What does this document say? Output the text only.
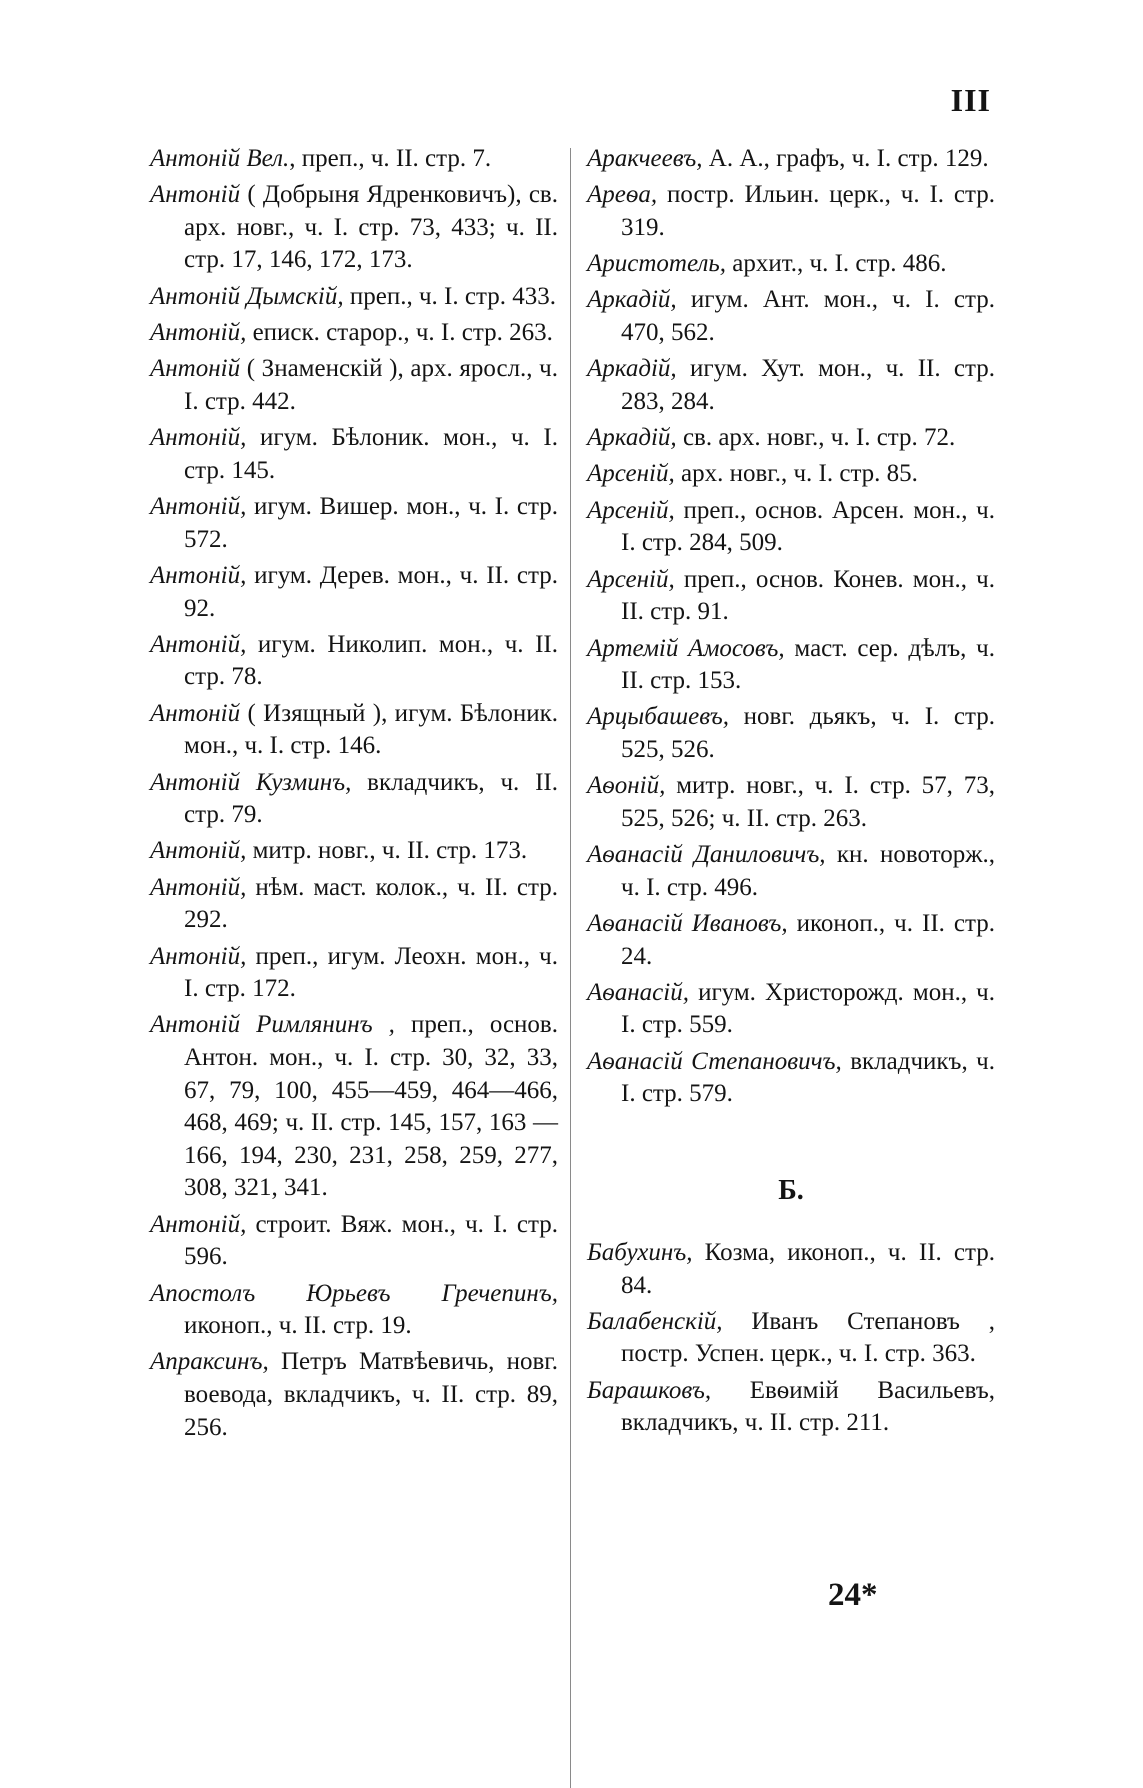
III
Антоній Вел., преп., ч. II. стр. 7.
Антоній ( Добрыня Ядренковичъ), св. арх. новг., ч. I. стр. 73, 433; ч. II. стр. 17, 146, 172, 173.
Антоній Дымскій, преп., ч. I. стр. 433.
Антоній, еписк. старор., ч. I. стр. 263.
Антоній ( Знаменскій ), арх. яросл., ч. I. стр. 442.
Антоній, игум. Бѣлоник. мон., ч. I. стр. 145.
Антоній, игум. Вишер. мон., ч. I. стр. 572.
Антоній, игум. Дерев. мон., ч. II. стр. 92.
Антоній, игум. Николип. мон., ч. II. стр. 78.
Антоній ( Изящный ), игум. Бѣлоник. мон., ч. I. стр. 146.
Антоній Кузминъ, вкладчикъ, ч. II. стр. 79.
Антоній, митр. новг., ч. II. стр. 173.
Антоній, нѣм. маст. колок., ч. II. стр. 292.
Антоній, преп., игум. Леохн. мон., ч. I. стр. 172.
Антоній Римлянинъ , преп., основ. Антон. мон., ч. I. стр. 30, 32, 33, 67, 79, 100, 455—459, 464—466, 468, 469; ч. II. стр. 145, 157, 163 —166, 194, 230, 231, 258, 259, 277, 308, 321, 341.
Антоній, строит. Вяж. мон., ч. I. стр. 596.
Апостолъ Юрьевъ Гречепинъ, иконоп., ч. II. стр. 19.
Апраксинъ, Петръ Матвѣевичь, новг. воевода, вкладчикъ, ч. II. стр. 89, 256.
Аракчеевъ, А. А., графъ, ч. I. стр. 129.
Ареѳа, постр. Ильин. церк., ч. I. стр. 319.
Аристотель, архит., ч. I. стр. 486.
Аркадій, игум. Ант. мон., ч. I. стр. 470, 562.
Аркадій, игум. Хут. мон., ч. II. стр. 283, 284.
Аркадій, св. арх. новг., ч. I. стр. 72.
Арсеній, арх. новг., ч. I. стр. 85.
Арсеній, преп., основ. Арсен. мон., ч. I. стр. 284, 509.
Арсеній, преп., основ. Конев. мон., ч. II. стр. 91.
Артемій Амосовъ, маст. сер. дѣлъ, ч. II. стр. 153.
Арцыбашевъ, новг. дьякъ, ч. I. стр. 525, 526.
Аѳоній, митр. новг., ч. I. стр. 57, 73, 525, 526; ч. II. стр. 263.
Аѳанасій Даниловичъ, кн. новоторж., ч. I. стр. 496.
Аѳанасій Ивановъ, иконоп., ч. II. стр. 24.
Аѳанасій, игум. Христорожд. мон., ч. I. стр. 559.
Аѳанасій Степановичъ, вкладчикъ, ч. I. стр. 579.
Б.
Бабухинъ, Козма, иконоп., ч. II. стр. 84.
Балабенскій, Иванъ Степановъ , постр. Успен. церк., ч. I. стр. 363.
Барашковъ, Евѳимій Васильевъ, вкладчикъ, ч. II. стр. 211.
24*
